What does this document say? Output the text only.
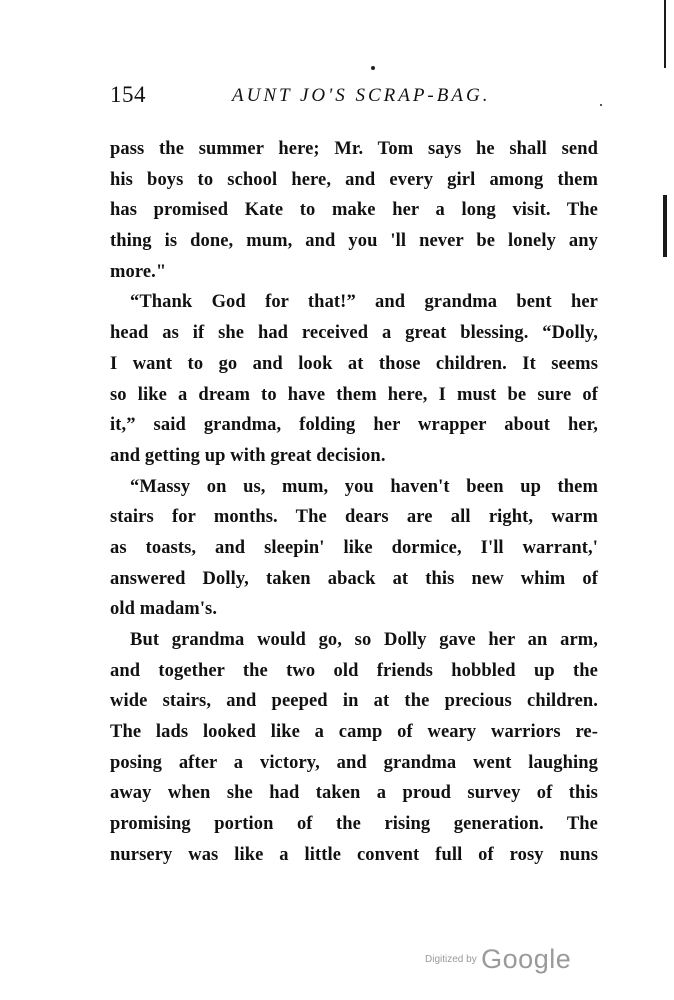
154	AUNT JO'S SCRAP-BAG.
pass the summer here; Mr. Tom says he shall send
his boys to school here, and every girl among them
has promised Kate to make her a long visit. The
thing is done, mum, and you 'll never be lonely any
more."
“Thank God for that!” and grandma bent her
head as if she had received a great blessing. “Dolly,
I want to go and look at those children. It seems
so like a dream to have them here, I must be sure of
it,” said grandma, folding her wrapper about her,
and getting up with great decision.
“Massy on us, mum, you haven't been up them
stairs for months. The dears are all right, warm
as toasts, and sleepin' like dormice, I'll warrant,'
answered Dolly, taken aback at this new whim of
old madam's.
But grandma would go, so Dolly gave her an arm,
and together the two old friends hobbled up the
wide stairs, and peeped in at the precious children.
The lads looked like a camp of weary warriors re-
posing after a victory, and grandma went laughing
away when she had taken a proud survey of this
promising portion of the rising generation. The
nursery was like a little convent full of rosy nuns
Digitized by Google
